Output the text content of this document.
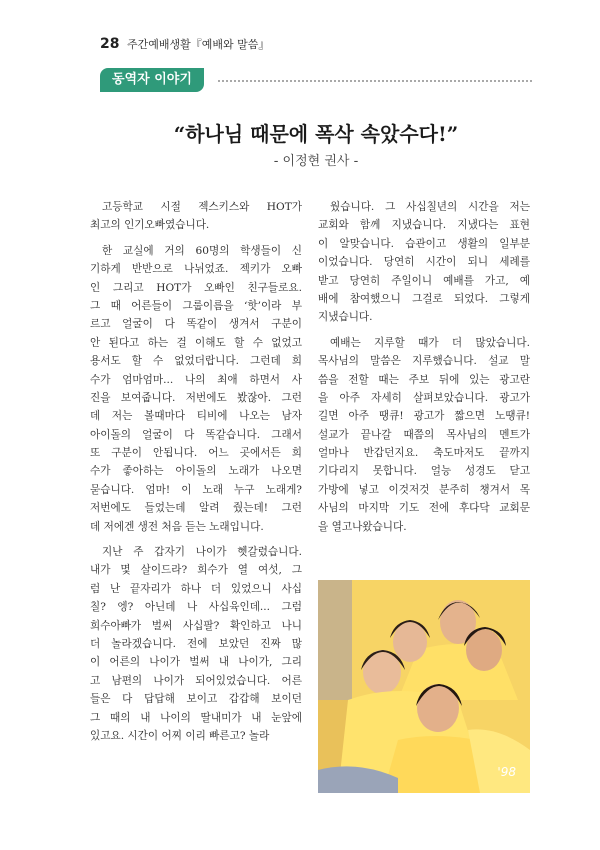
28 주간예배생활『예배와 말씀』
동역자 이야기
“하나님 때문에 폭삭 속았수다!”
- 이정현 권사 -
고등학교 시절 젝스키스와 HOT가
최고의 인기오빠였습니다.
한 교실에 거의 60명의 학생들이 신
기하게 반반으로 나뉘었죠. 젝키가 오빠
인 그리고 HOT가 오빠인 친구들로요.
그 때 어른들이 그룹이름을 ‘핫’이라 부
르고 얼굴이 다 똑같이 생겨서 구분이
안 된다고 하는 걸 이해도 할 수 없었고
용서도 할 수 없었더랍니다. 그런데 희
수가 엄마엄마... 나의 최애 하면서 사
진을 보여줍니다. 저번에도 봤잖아. 그런
데 저는 볼때마다 티비에 나오는 남자
아이돌의 얼굴이 다 똑같습니다. 그래서
또 구분이 안됩니다. 어느 곳에서든 희
수가 좋아하는 아이돌의 노래가 나오면
묻습니다. 엄마! 이 노래 누구 노래게?
저번에도 들었는데 알려 줬는데! 그런
데 저에겐 생전 처음 듣는 노래입니다.
지난 주 갑자기 나이가 헷갈렸습니다.
내가 몇 살이드라? 희수가 열 여섯, 그
럼 난 끝자리가 하나 더 있었으니 사십
칠? 엥? 아닌데 나 사십육인데... 그럼
희수아빠가 벌써 사십팔? 확인하고 나니
더 놀라겠습니다. 전에 보았던 진짜 많
이 어른의 나이가 벌써 내 나이가, 그리
고 남편의 나이가 되어있었습니다. 어른
들은 다 답답해 보이고 갑갑해 보이던
그 때의 내 나이의 딸내미가 내 눈앞에
있고요. 시간이 어찌 이리 빠른고? 놀라
웠습니다. 그 사십칠년의 시간을 저는
교회와 함께 지냈습니다. 지냈다는 표현
이 알맞습니다. 습관이고 생활의 일부분
이었습니다. 당연히 시간이 되니 세례를
받고 당연히 주일이니 예배를 가고, 예
배에 참여했으니 그걸로 되었다. 그렇게
지냈습니다.
예배는 지루할 때가 더 많았습니다.
목사님의 말씀은 지루했습니다. 설교 말
씀을 전할 때는 주보 뒤에 있는 광고란
을 아주 자세히 살펴보았습니다. 광고가
길면 아주 땡큐! 광고가 짧으면 노땡큐!
설교가 끝나갈 때쯤의 목사님의 멘트가
얼마나 반갑던지요. 축도마저도 끝까지
기다리지 못합니다. 얼능 성경도 닫고
가방에 넣고 이것저것 분주히 챙겨서 목
사님의 마지막 기도 전에 후다닥 교회문
을 열고나왔습니다.
'98
